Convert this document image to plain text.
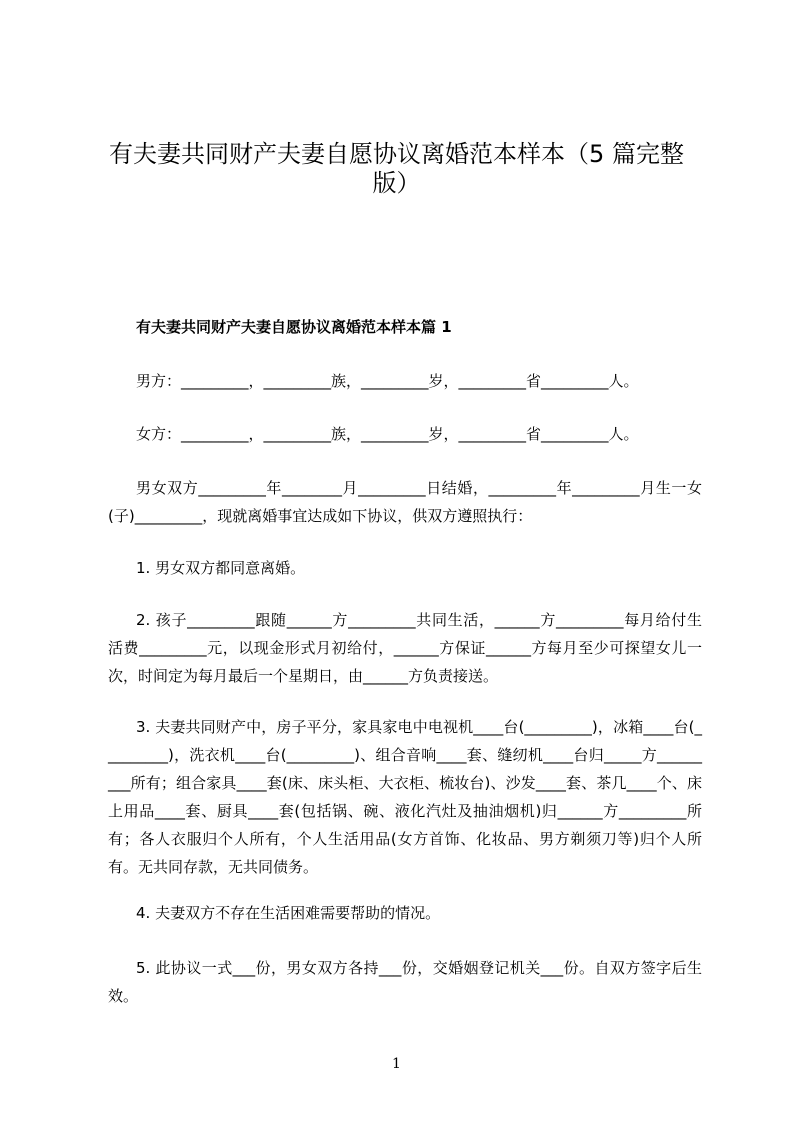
有夫妻共同财产夫妻自愿协议离婚范本样本（5 篇完整版）
有夫妻共同财产夫妻自愿协议离婚范本样本篇 1
男方：_________，_________族，_________岁，_________省_________人。
女方：_________，_________族，_________岁，_________省_________人。

男女双方_________年________月_________日结婚，_________年_________月生一女(子)_________，现就离婚事宜达成如下协议，供双方遵照执行：

1. 男女双方都同意离婚。

2. 孩子_________跟随______方_________共同生活，______方_________每月给付生活费_________元，以现金形式月初给付，______方保证______方每月至少可探望女儿一次，时间定为每月最后一个星期日，由______方负责接送。

3. 夫妻共同财产中，房子平分，家具家电中电视机____台(_________)，冰箱____台(_________)，洗衣机____台(_________)、组合音响____套、缝纫机____台归_____方_________所有；组合家具____套(床、床头柜、大衣柜、梳妆台)、沙发____套、茶几____个、床上用品____套、厨具____套(包括锅、碗、液化汽灶及抽油烟机)归______方_________所有；各人衣服归个人所有，个人生活用品(女方首饰、化妆品、男方剃须刀等)归个人所有。无共同存款，无共同债务。

4. 夫妻双方不存在生活困难需要帮助的情况。

5. 此协议一式___份，男女双方各持___份，交婚姻登记机关___份。自双方签字后生效。

1
